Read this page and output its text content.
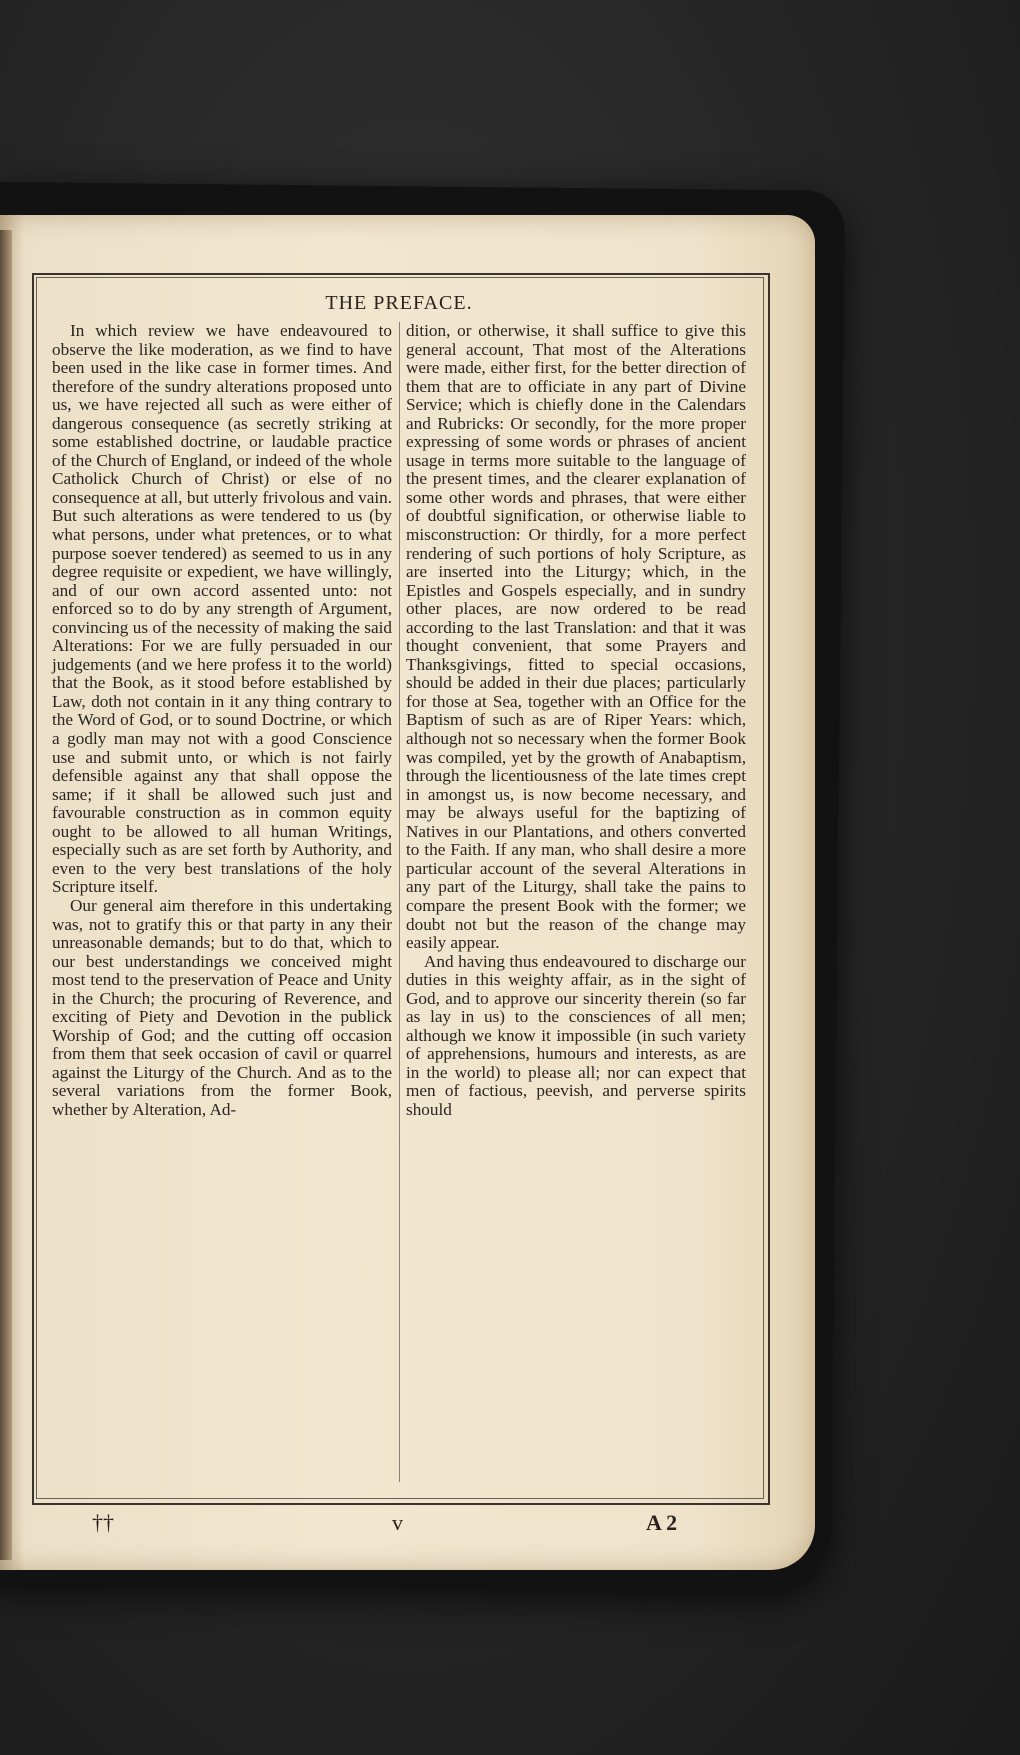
THE PREFACE.

In which review we have endeavoured to observe the like moderation, as we find to have been used in the like case in former times. And therefore of the sundry alterations proposed unto us, we have rejected all such as were either of dangerous consequence (as secretly striking at some established doctrine, or laudable practice of the Church of England, or indeed of the whole Catholick Church of Christ) or else of no consequence at all, but utterly frivolous and vain. But such alterations as were tendered to us (by what persons, under what pretences, or to what purpose soever tendered) as seemed to us in any degree requisite or expedient, we have willingly, and of our own accord assented unto: not enforced so to do by any strength of Argument, convincing us of the necessity of making the said Alterations: For we are fully persuaded in our judgements (and we here profess it to the world) that the Book, as it stood before established by Law, doth not contain in it any thing contrary to the Word of God, or to sound Doctrine, or which a godly man may not with a good Conscience use and submit unto, or which is not fairly defensible against any that shall oppose the same; if it shall be allowed such just and favourable construction as in common equity ought to be allowed to all human Writings, especially such as are set forth by Authority, and even to the very best translations of the holy Scripture itself.

Our general aim therefore in this undertaking was, not to gratify this or that party in any their unreasonable demands; but to do that, which to our best understandings we conceived might most tend to the preservation of Peace and Unity in the Church; the procuring of Reverence, and exciting of Piety and Devotion in the publick Worship of God; and the cutting off occasion from them that seek occasion of cavil or quarrel against the Liturgy of the Church. And as to the several variations from the former Book, whether by Alteration, Ad-

dition, or otherwise, it shall suffice to give this general account, That most of the Alterations were made, either first, for the better direction of them that are to officiate in any part of Divine Service; which is chiefly done in the Calendars and Rubricks: Or secondly, for the more proper expressing of some words or phrases of ancient usage in terms more suitable to the language of the present times, and the clearer explanation of some other words and phrases, that were either of doubtful signification, or otherwise liable to misconstruction: Or thirdly, for a more perfect rendering of such portions of holy Scripture, as are inserted into the Liturgy; which, in the Epistles and Gospels especially, and in sundry other places, are now ordered to be read according to the last Translation: and that it was thought convenient, that some Prayers and Thanksgivings, fitted to special occasions, should be added in their due places; particularly for those at Sea, together with an Office for the Baptism of such as are of Riper Years: which, although not so necessary when the former Book was compiled, yet by the growth of Anabaptism, through the licentiousness of the late times crept in amongst us, is now become necessary, and may be always useful for the baptizing of Natives in our Plantations, and others converted to the Faith. If any man, who shall desire a more particular account of the several Alterations in any part of the Liturgy, shall take the pains to compare the present Book with the former; we doubt not but the reason of the change may easily appear.

And having thus endeavoured to discharge our duties in this weighty affair, as in the sight of God, and to approve our sincerity therein (so far as lay in us) to the consciences of all men; although we know it impossible (in such variety of apprehensions, humours and interests, as are in the world) to please all; nor can expect that men of factious, peevish, and perverse spirits should

††	v	A 2
